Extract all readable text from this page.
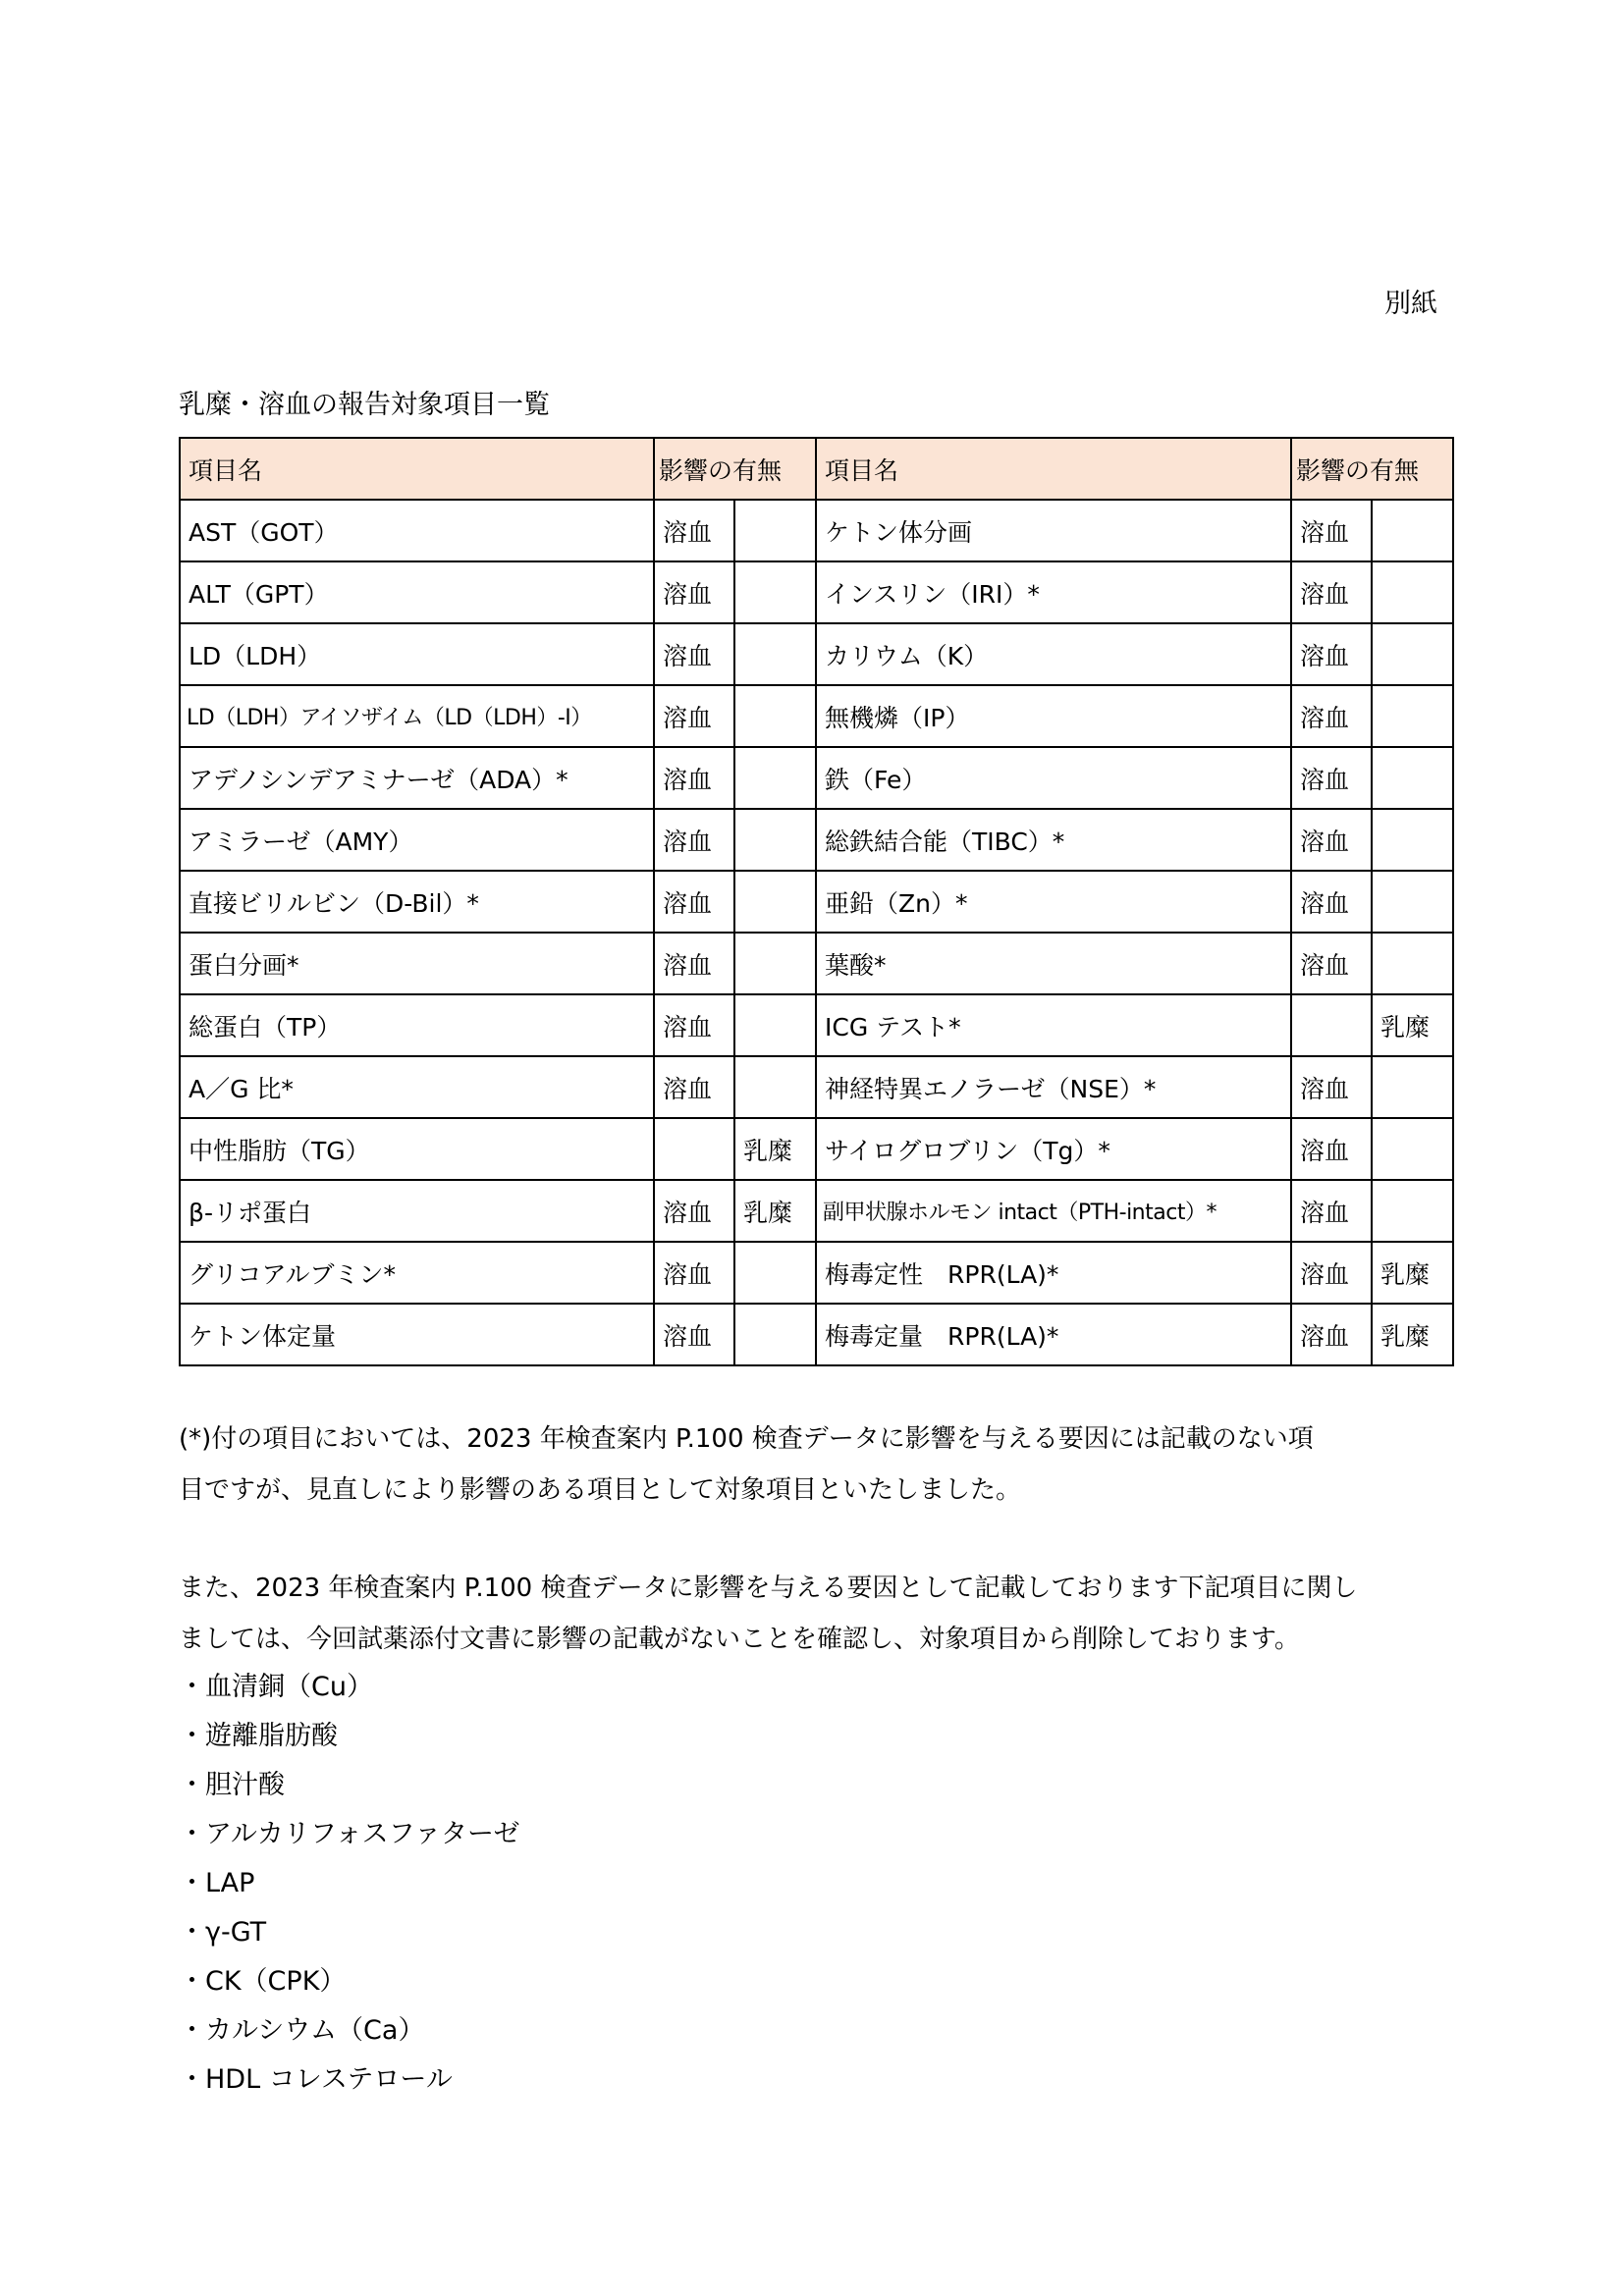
別紙
乳糜・溶血の報告対象項目一覧
項目名	影響の有無		項目名	影響の有無	
AST（GOT）	溶血		ケトン体分画	溶血	
ALT（GPT）	溶血		インスリン（IRI）*	溶血	
LD（LDH）	溶血		カリウム（K）	溶血	
LD（LDH）アイソザイム（LD（LDH）-I）	溶血		無機燐（IP）	溶血	
アデノシンデアミナーゼ（ADA）*	溶血		鉄（Fe）	溶血	
アミラーゼ（AMY）	溶血		総鉄結合能（TIBC）*	溶血	
直接ビリルビン（D-Bil）*	溶血		亜鉛（Zn）*	溶血	
蛋白分画*	溶血		葉酸*	溶血	
総蛋白（TP）	溶血		ICG テスト*		乳糜
A／G 比*	溶血		神経特異エノラーゼ（NSE）*	溶血	
中性脂肪（TG）		乳糜	サイログロブリン（Tg）*	溶血	
β-リポ蛋白	溶血	乳糜	副甲状腺ホルモン intact（PTH-intact）*	溶血	
グリコアルブミン*	溶血		梅毒定性　RPR(LA)*	溶血	乳糜
ケトン体定量	溶血		梅毒定量　RPR(LA)*	溶血	乳糜
(*)付の項目においては、2023 年検査案内 P.100 検査データに影響を与える要因には記載のない項
目ですが、見直しにより影響のある項目として対象項目といたしました。
また、2023 年検査案内 P.100 検査データに影響を与える要因として記載しております下記項目に関し
ましては、今回試薬添付文書に影響の記載がないことを確認し、対象項目から削除しております。
・血清銅（Cu）
・遊離脂肪酸
・胆汁酸
・アルカリフォスファターゼ
・LAP
・γ-GT
・CK（CPK）
・カルシウム（Ca）
・HDL コレステロール
